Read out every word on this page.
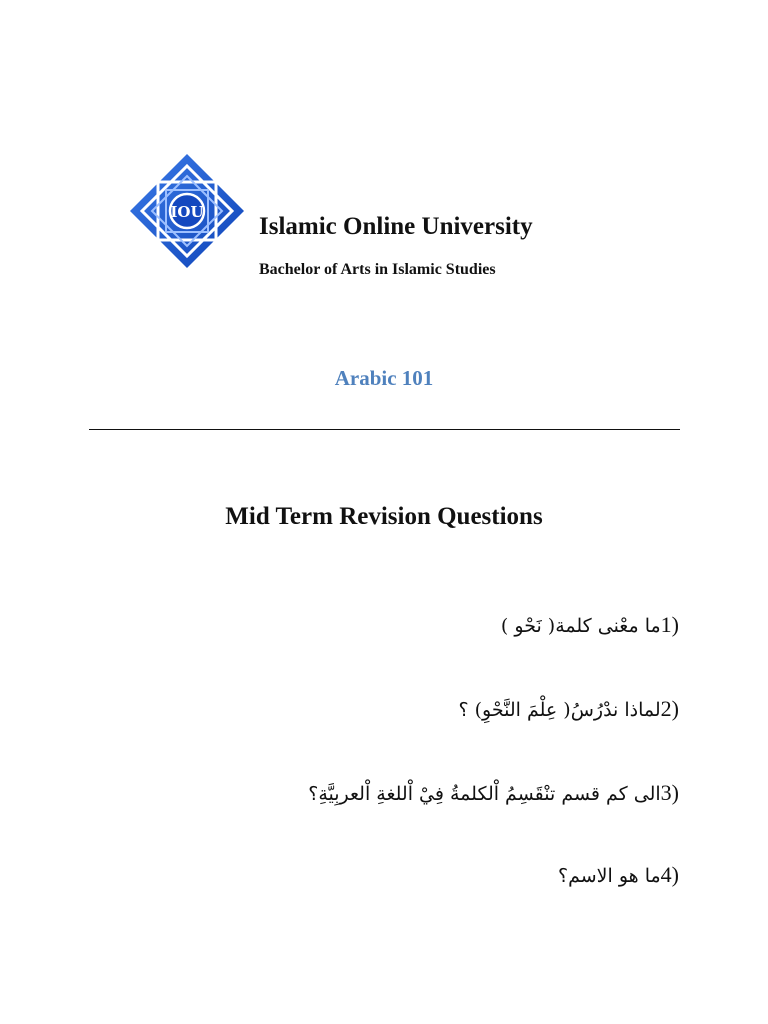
IOU
Islamic Online University
Bachelor of Arts in Islamic Studies
Arabic 101
Mid Term Revision Questions
ما معْنى كلمة( نَحْو )1)
لماذا ندْرُسُ( عِلْمَ النَّحْوِ) ؟2)
الى كم قسم تنْقَسِمُ اْلكلمةُ فِيْ اْللغةِ اْلعربِيَّةِ؟3)
ما هو الاسم؟4)
